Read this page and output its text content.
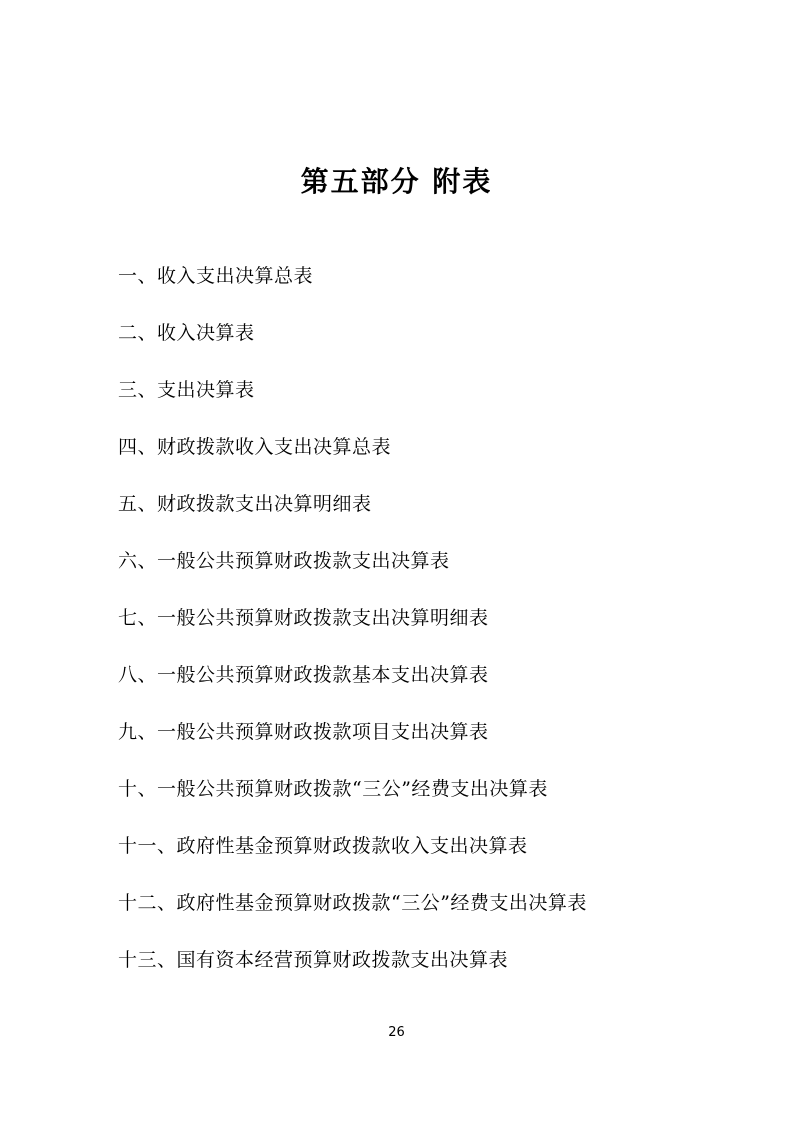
第五部分 附表
一、收入支出决算总表
二、收入决算表
三、支出决算表
四、财政拨款收入支出决算总表
五、财政拨款支出决算明细表
六、一般公共预算财政拨款支出决算表
七、一般公共预算财政拨款支出决算明细表
八、一般公共预算财政拨款基本支出决算表
九、一般公共预算财政拨款项目支出决算表
十、一般公共预算财政拨款“三公”经费支出决算表
十一、政府性基金预算财政拨款收入支出决算表
十二、政府性基金预算财政拨款“三公”经费支出决算表
十三、国有资本经营预算财政拨款支出决算表
26
